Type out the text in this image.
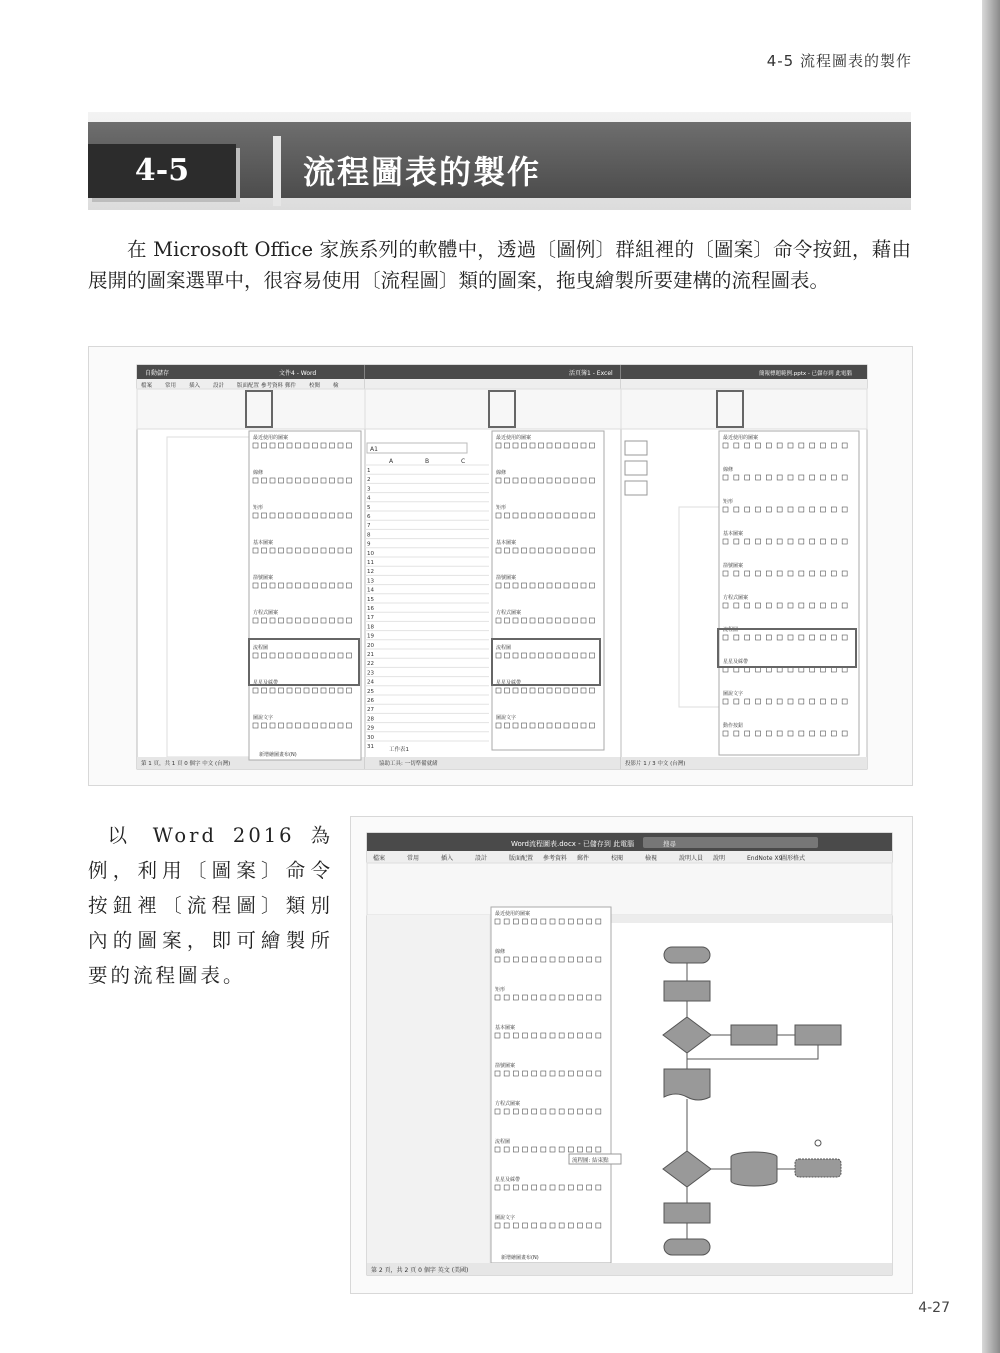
4-5 流程圖表的製作
4-5	流程圖表的製作

在 Microsoft Office 家族系列的軟體中，透過〔圖例〕群組裡的〔圖案〕命令按鈕，藉由展開的圖案選單中，很容易使用〔流程圖〕類的圖案，拖曳繪製所要建構的流程圖表。

自動儲存	文件4 - Word
檔案 常用 插入 設計 版面配置 參考資料 郵件 校閱 檢
第 1 頁，共 1 頁 0 個字 中文 (台灣)
活頁簿1 - Excel
A1
A	B	C
1
2
3
4
5
6
7
8
9
10
11
12
13
14
15
16
17
18
19
20
21
22
23
24
25
26
27
28
29
30
31	工作表1
協助工具: 一切準備就緒
簡報標題範例.pptx - 已儲存到 此電腦
投影片 1 / 3 中文 (台灣)
最近使用的圖案
線條
矩形
基本圖案
箭號圖案
方程式圖案
流程圖
星星及綵帶
圖說文字
新增繪圖畫布(N)
最近使用的圖案
線條
矩形
基本圖案
箭號圖案
方程式圖案
流程圖
星星及綵帶
圖說文字
最近使用的圖案
線條
矩形
基本圖案
箭號圖案
方程式圖案
流程圖
星星及綵帶
圖說文字
動作按鈕

以 Word 2016 為 例，利用〔圖案〕命令按鈕裡〔流程圖〕類別內的圖案，即可繪製所要的流程圖表。

Word流程圖表.docx - 已儲存到 此電腦	搜尋
檔案	常用	插入	設計	版面配置 參考資料 郵件	校閱	檢視	說明人員 說明	EndNote X9
圖形格式
最近使用的圖案
線條
矩形
基本圖案
箭號圖案
方程式圖案
流程圖
星星及綵帶
圖說文字
新增繪圖畫布(N)
流程圖: 結束點
第 2 頁，共 2 頁 0 個字 英文 (美國)
4-27
